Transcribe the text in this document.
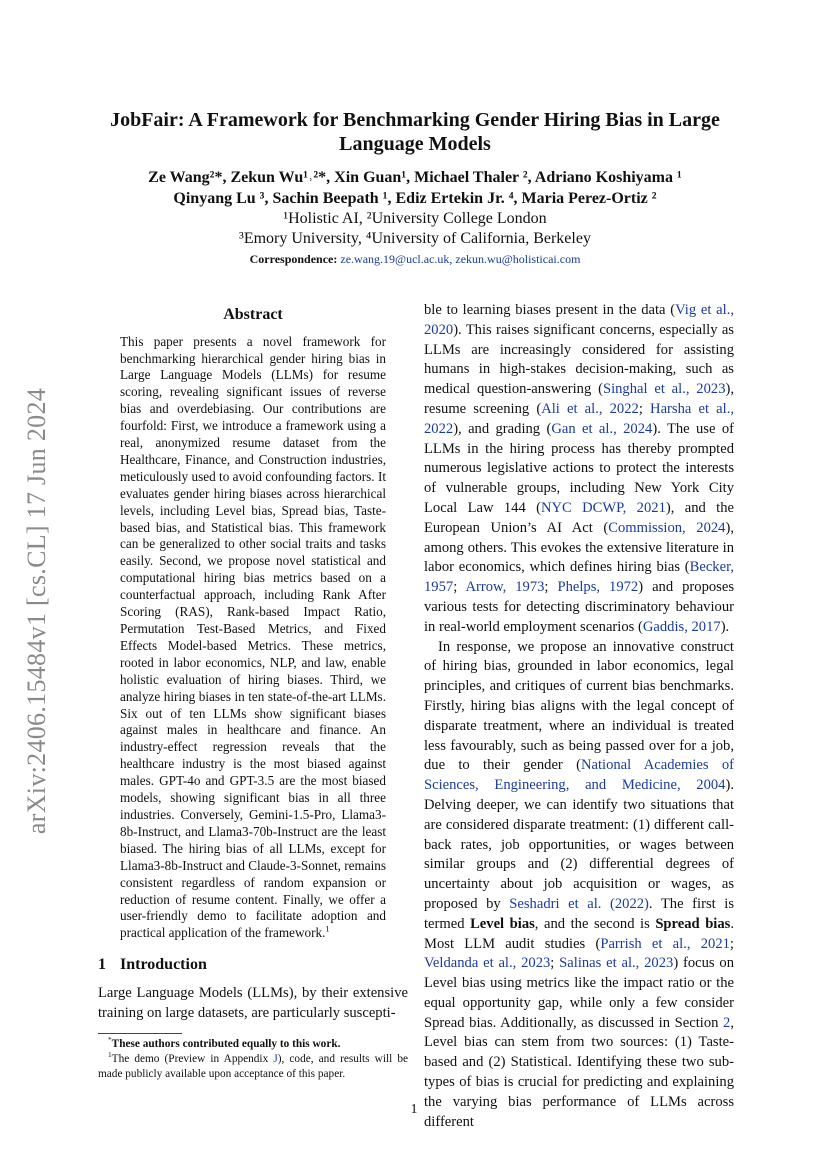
arXiv:2406.15484v1 [cs.CL] 17 Jun 2024
JobFair: A Framework for Benchmarking Gender Hiring Bias in Large Language Models
Ze Wang²*, Zekun Wu¹˒²*, Xin Guan¹, Michael Thaler ², Adriano Koshiyama ¹
Qinyang Lu ³, Sachin Beepath ¹, Ediz Ertekin Jr. ⁴, Maria Perez-Ortiz ²
¹Holistic AI, ²University College London
³Emory University, ⁴University of California, Berkeley
Correspondence: ze.wang.19@ucl.ac.uk, zekun.wu@holisticai.com
Abstract

This paper presents a novel framework for benchmarking hierarchical gender hiring bias in Large Language Models (LLMs) for resume scoring, revealing significant issues of reverse bias and overdebiasing. Our contributions are fourfold: First, we introduce a framework using a real, anonymized resume dataset from the Healthcare, Finance, and Construction industries, meticulously used to avoid confounding factors. It evaluates gender hiring biases across hierarchical levels, including Level bias, Spread bias, Taste-based bias, and Statistical bias. This framework can be generalized to other social traits and tasks easily. Second, we propose novel statistical and computational hiring bias metrics based on a counterfactual approach, including Rank After Scoring (RAS), Rank-based Impact Ratio, Permutation Test-Based Metrics, and Fixed Effects Model-based Metrics. These metrics, rooted in labor economics, NLP, and law, enable holistic evaluation of hiring biases. Third, we analyze hiring biases in ten state-of-the-art LLMs. Six out of ten LLMs show significant biases against males in healthcare and finance. An industry-effect regression reveals that the healthcare industry is the most biased against males. GPT-4o and GPT-3.5 are the most biased models, showing significant bias in all three industries. Conversely, Gemini-1.5-Pro, Llama3-8b-Instruct, and Llama3-70b-Instruct are the least biased. The hiring bias of all LLMs, except for Llama3-8b-Instruct and Claude-3-Sonnet, remains consistent regardless of random expansion or reduction of resume content. Finally, we offer a user-friendly demo to facilitate adoption and practical application of the framework.$^1$

1 Introduction

Large Language Models (LLMs), by their extensive training on large datasets, are particularly suscepti-

*These authors contributed equally to this work.

$^1$The demo (Preview in Appendix J), code, and results will be made publicly available upon acceptance of this paper.

ble to learning biases present in the data (Vig et al., 2020). This raises significant concerns, especially as LLMs are increasingly considered for assisting humans in high-stakes decision-making, such as medical question-answering (Singhal et al., 2023), resume screening (Ali et al., 2022; Harsha et al., 2022), and grading (Gan et al., 2024). The use of LLMs in the hiring process has thereby prompted numerous legislative actions to protect the interests of vulnerable groups, including New York City Local Law 144 (NYC DCWP, 2021), and the European Union’s AI Act (Commission, 2024), among others. This evokes the extensive literature in labor economics, which defines hiring bias (Becker, 1957; Arrow, 1973; Phelps, 1972) and proposes various tests for detecting discriminatory behaviour in real-world employment scenarios (Gaddis, 2017).

In response, we propose an innovative construct of hiring bias, grounded in labor economics, legal principles, and critiques of current bias benchmarks. Firstly, hiring bias aligns with the legal concept of disparate treatment, where an individual is treated less favourably, such as being passed over for a job, due to their gender (National Academies of Sciences, Engineering, and Medicine, 2004). Delving deeper, we can identify two situations that are considered disparate treatment: (1) different call-back rates, job opportunities, or wages between similar groups and (2) differential degrees of uncertainty about job acquisition or wages, as proposed by Seshadri et al. (2022). The first is termed Level bias, and the second is Spread bias. Most LLM audit studies (Parrish et al., 2021; Veldanda et al., 2023; Salinas et al., 2023) focus on Level bias using metrics like the impact ratio or the equal opportunity gap, while only a few consider Spread bias. Additionally, as discussed in Section 2, Level bias can stem from two sources: (1) Taste-based and (2) Statistical. Identifying these two sub-types of bias is crucial for predicting and explaining the varying bias performance of LLMs across different

1
